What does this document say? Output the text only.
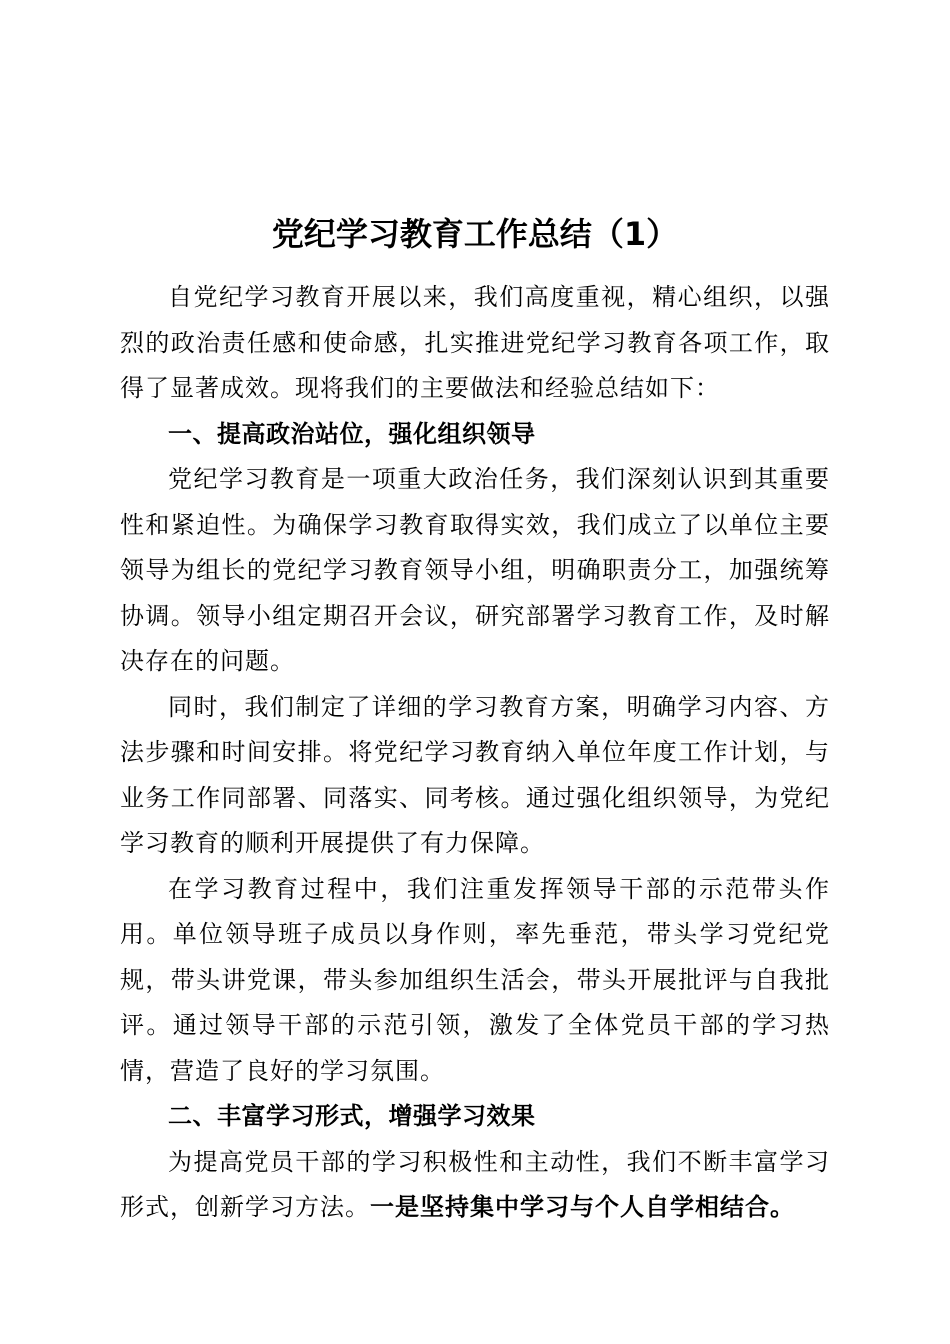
党纪学习教育工作总结（1）

自党纪学习教育开展以来，我们高度重视，精心组织，以强烈的政治责任感和使命感，扎实推进党纪学习教育各项工作，取得了显著成效。现将我们的主要做法和经验总结如下：

一、提高政治站位，强化组织领导

党纪学习教育是一项重大政治任务，我们深刻认识到其重要性和紧迫性。为确保学习教育取得实效，我们成立了以单位主要领导为组长的党纪学习教育领导小组，明确职责分工，加强统筹协调。领导小组定期召开会议，研究部署学习教育工作，及时解决存在的问题。

同时，我们制定了详细的学习教育方案，明确学习内容、方法步骤和时间安排。将党纪学习教育纳入单位年度工作计划，与业务工作同部署、同落实、同考核。通过强化组织领导，为党纪学习教育的顺利开展提供了有力保障。

在学习教育过程中，我们注重发挥领导干部的示范带头作用。单位领导班子成员以身作则，率先垂范，带头学习党纪党规，带头讲党课，带头参加组织生活会，带头开展批评与自我批评。通过领导干部的示范引领，激发了全体党员干部的学习热情，营造了良好的学习氛围。

二、丰富学习形式，增强学习效果

为提高党员干部的学习积极性和主动性，我们不断丰富学习形式，创新学习方法。一是坚持集中学习与个人自学相结合。
